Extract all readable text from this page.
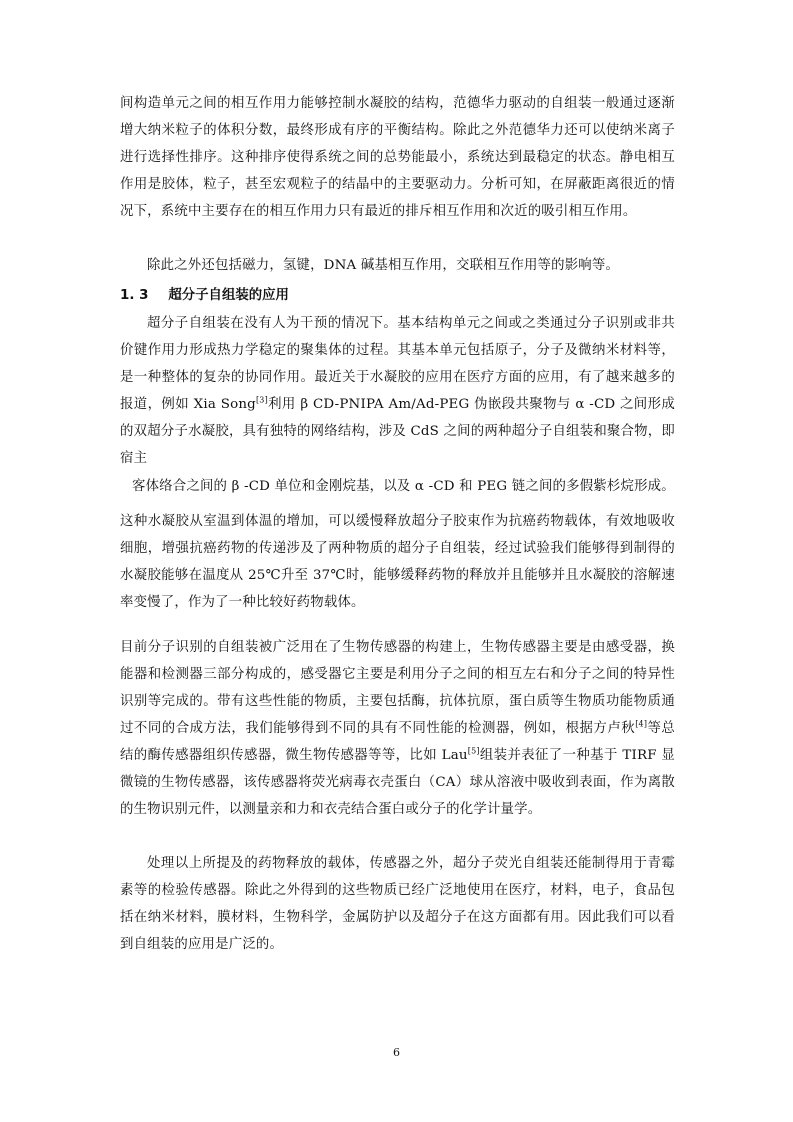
间构造单元之间的相互作用力能够控制水凝胶的结构，范德华力驱动的自组装一般通过逐渐增大纳米粒子的体积分数，最终形成有序的平衡结构。除此之外范德华力还可以使纳米离子进行选择性排序。这种排序使得系统之间的总势能最小，系统达到最稳定的状态。静电相互作用是胶体，粒子，甚至宏观粒子的结晶中的主要驱动力。分析可知，在屏蔽距离很近的情况下，系统中主要存在的相互作用力只有最近的排斥相互作用和次近的吸引相互作用。

除此之外还包括磁力，氢键，DNA 碱基相互作用，交联相互作用等的影响等。

1. 3 超分子自组装的应用

超分子自组装在没有人为干预的情况下。基本结构单元之间或之类通过分子识别或非共价键作用力形成热力学稳定的聚集体的过程。其基本单元包括原子，分子及微纳米材料等，是一种整体的复杂的协同作用。最近关于水凝胶的应用在医疗方面的应用，有了越来越多的报道，例如 Xia Song[3]利用 β CD-PNIPA Am/Ad-PEG 伪嵌段共聚物与 α -CD 之间形成的双超分子水凝胶，具有独特的网络结构，涉及 CdS 之间的两种超分子自组装和聚合物，即宿主

客体络合之间的 β -CD 单位和金刚烷基，以及 α -CD 和 PEG 链之间的多假紫杉烷形成。

这种水凝胶从室温到体温的增加，可以缓慢释放超分子胶束作为抗癌药物载体，有效地吸收细胞，增强抗癌药物的传递涉及了两种物质的超分子自组装，经过试验我们能够得到制得的水凝胶能够在温度从 25℃升至 37℃时，能够缓释药物的释放并且能够并且水凝胶的溶解速率变慢了，作为了一种比较好药物载体。

目前分子识别的自组装被广泛用在了生物传感器的构建上，生物传感器主要是由感受器，换能器和检测器三部分构成的，感受器它主要是利用分子之间的相互左右和分子之间的特异性识别等完成的。带有这些性能的物质，主要包括酶，抗体抗原，蛋白质等生物质功能物质通过不同的合成方法，我们能够得到不同的具有不同性能的检测器，例如，根据方卢秋[4]等总结的酶传感器组织传感器，微生物传感器等等，比如 Lau[5]组装并表征了一种基于 TIRF 显微镜的生物传感器，该传感器将荧光病毒衣壳蛋白（CA）球从溶液中吸收到表面，作为离散的生物识别元件，以测量亲和力和衣壳结合蛋白或分子的化学计量学。

处理以上所提及的药物释放的载体，传感器之外，超分子荧光自组装还能制得用于青霉素等的检验传感器。除此之外得到的这些物质已经广泛地使用在医疗，材料，电子，食品包括在纳米材料，膜材料，生物科学，金属防护以及超分子在这方面都有用。因此我们可以看到自组装的应用是广泛的。

6
